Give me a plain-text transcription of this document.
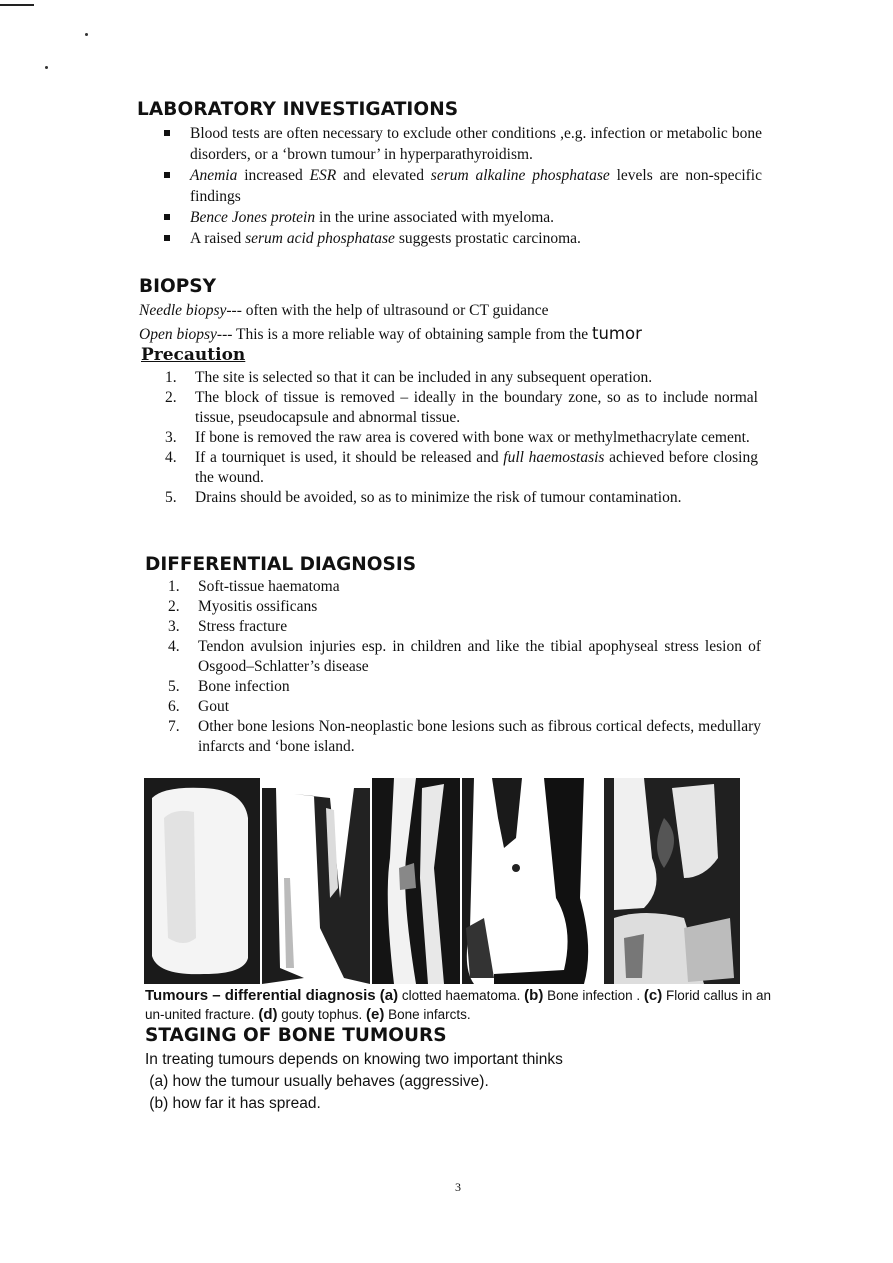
LABORATORY INVESTIGATIONS
Blood tests are often necessary to exclude other conditions ,e.g. infection or metabolic bone disorders, or a ‘brown tumour’ in hyperparathyroidism.
Anemia increased ESR and elevated serum alkaline phosphatase levels are non-specific findings
Bence Jones protein in the urine associated with myeloma.
A raised serum acid phosphatase suggests prostatic carcinoma.
BIOPSY
Needle biopsy--- often with the help of ultrasound or CT guidance
Open biopsy--- This is a more reliable way of obtaining sample from the tumor
Precaution
1. The site is selected so that it can be included in any subsequent operation.
2. The block of tissue is removed – ideally in the boundary zone, so as to include normal tissue, pseudocapsule and abnormal tissue.
3. If bone is removed the raw area is covered with bone wax or methylmethacrylate cement.
4. If a tourniquet is used, it should be released and full haemostasis achieved before closing the wound.
5. Drains should be avoided, so as to minimize the risk of tumour contamination.
DIFFERENTIAL DIAGNOSIS
1. Soft-tissue haematoma
2. Myositis ossificans
3. Stress fracture
4. Tendon avulsion injuries esp. in children and like the tibial apophyseal stress lesion of Osgood–Schlatter’s disease
5. Bone infection
6. Gout
7. Other bone lesions Non-neoplastic bone lesions such as fibrous cortical defects, medullary infarcts and ‘bone island.
Tumours – differential diagnosis (a) clotted haematoma. (b) Bone infection . (c) Florid callus in an un-united fracture. (d) gouty tophus. (e) Bone infarcts.
STAGING OF BONE TUMOURS
In treating tumours depends on knowing two important thinks
(a) how the tumour usually behaves (aggressive).
(b) how far it has spread.
3
